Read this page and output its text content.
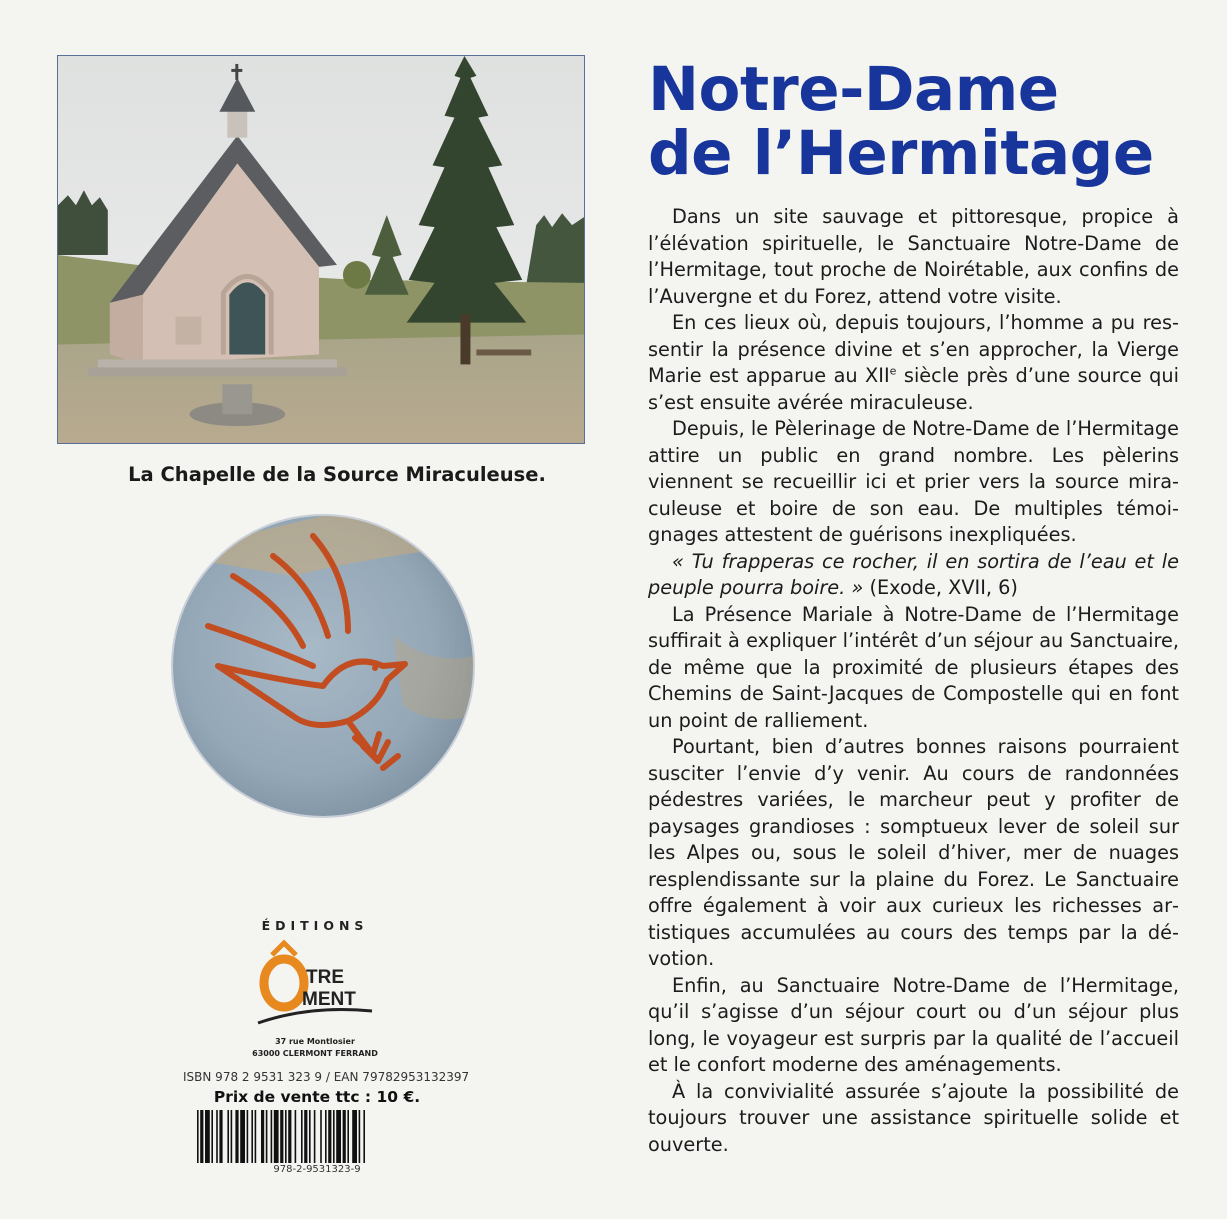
La Chapelle de la Source Miraculeuse.
ÉDITIONS
TRE
MENT
37 rue Montlosier
63000 CLERMONT FERRAND
ISBN 978 2 9531 323 9 / EAN 79782953132397
Prix de vente ttc : 10 €.
978-2-9531323-9
Notre-Dame
de l’Hermitage

Dans un site sauvage et pittoresque, propice à l’élévation spirituelle, le Sanctuaire Notre-Dame de l’Hermitage, tout proche de Noirétable, aux confins de l’Auvergne et du Forez, attend votre visite.

En ces lieux où, depuis toujours, l’homme a pu ressentir la présence divine et s’en approcher, la Vierge Marie est apparue au XIIe siècle près d’une source qui s’est ensuite avérée miraculeuse.

Depuis, le Pèlerinage de Notre-Dame de l’Hermitage attire un public en grand nombre. Les pèlerins viennent se recueillir ici et prier vers la source miraculeuse et boire de son eau. De multiples témoignages attestent de guérisons inexpliquées.

« Tu frapperas ce rocher, il en sortira de l’eau et le peuple pourra boire. » (Exode, XVII, 6)

La Présence Mariale à Notre-Dame de l’Hermitage suffirait à expliquer l’intérêt d’un séjour au Sanctuaire, de même que la proximité de plusieurs étapes des Chemins de Saint-Jacques de Compostelle qui en font un point de ralliement.

Pourtant, bien d’autres bonnes raisons pourraient susciter l’envie d’y venir. Au cours de randonnées pédestres variées, le marcheur peut y profiter de paysages grandioses : somptueux lever de soleil sur les Alpes ou, sous le soleil d’hiver, mer de nuages resplendissante sur la plaine du Forez. Le Sanctuaire offre également à voir aux curieux les richesses artistiques accumulées au cours des temps par la dévotion.

Enfin, au Sanctuaire Notre-Dame de l’Hermitage, qu’il s’agisse d’un séjour court ou d’un séjour plus long, le voyageur est surpris par la qualité de l’accueil et le confort moderne des aménagements.

À la convivialité assurée s’ajoute la possibilité de toujours trouver une assistance spirituelle solide et ouverte.
